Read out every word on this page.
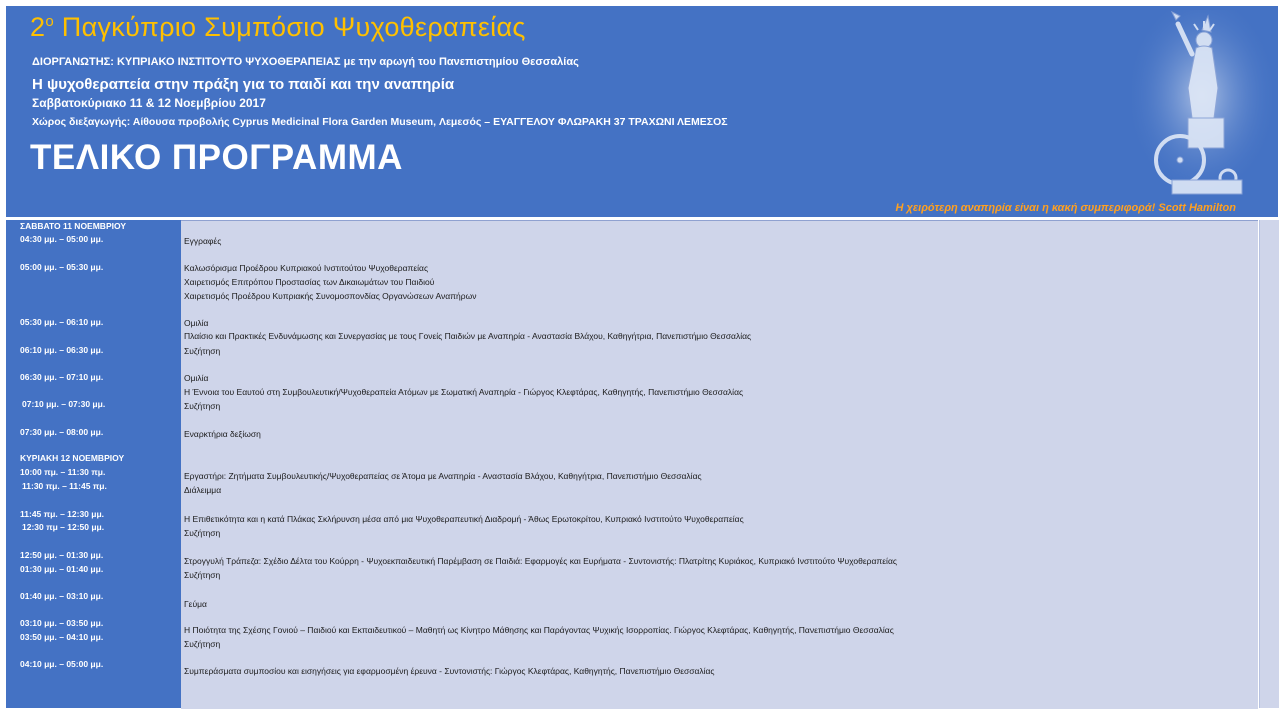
$2^o$ Παγκύπριο Συμπόσιο Ψυχοθεραπείας
ΔΙΟΡΓΑΝΩΤΗΣ: ΚΥΠΡΙΑΚΟ ΙΝΣΤΙΤΟΥΤΟ ΨΥΧΟΘΕΡΑΠΕΙΑΣ με την αρωγή του Πανεπιστημίου Θεσσαλίας
Η ψυχοθεραπεία στην πράξη για το παιδί και την αναπηρία
Σαββατοκύριακο 11 & 12 Νοεμβρίου 2017
Χώρος διεξαγωγής: Αίθουσα προβολής Cyprus Medicinal Flora Garden Museum, Λεμεσός – ΕΥΑΓΓΕΛΟΥ ΦΛΩΡΑΚΗ 37 ΤΡΑΧΩΝΙ ΛΕΜΕΣΟΣ
ΤΕΛΙΚΟ ΠΡΟΓΡΑΜΜΑ
Η χειρότερη αναπηρία είναι η κακή συμπεριφορά! Scott Hamilton
ΣΑΒΒΑΤΟ 11 ΝΟΕΜΒΡΙΟΥ
04:30 μμ. – 05:00 μμ.
05:00 μμ. – 05:30 μμ.
05:30 μμ. – 06:10 μμ.
06:10 μμ. – 06:30 μμ.
06:30 μμ. – 07:10 μμ.
07:10 μμ. – 07:30 μμ.
07:30 μμ. – 08:00 μμ.
ΚΥΡΙΑΚΗ 12 ΝΟΕΜΒΡΙΟΥ
10:00 πμ. – 11:30 πμ.
11:30 πμ. – 11:45 πμ.
11:45 πμ. – 12:30 μμ.
12:30 πμ – 12:50 μμ.
12:50 μμ. – 01:30 μμ.
01:30 μμ. – 01:40 μμ.
01:40 μμ. – 03:10 μμ.
03:10 μμ. – 03:50 μμ.
03:50 μμ. – 04:10 μμ.
04:10 μμ. – 05:00 μμ.
Εγγραφές
Καλωσόρισμα Προέδρου Κυπριακού Ινστιτούτου Ψυχοθεραπείας
Χαιρετισμός Επιτρόπου Προστασίας των Δικαιωμάτων του Παιδιού
Χαιρετισμός Προέδρου Κυπριακής Συνομοσπονδίας Οργανώσεων Αναπήρων
Ομιλία
Πλαίσιο και Πρακτικές Ενδυνάμωσης και Συνεργασίας με τους Γονείς Παιδιών με Αναπηρία - Αναστασία Βλάχου, Καθηγήτρια, Πανεπιστήμιο Θεσσαλίας
Συζήτηση
Ομιλία
Η Έννοια του Εαυτού στη Συμβουλευτική/Ψυχοθεραπεία Ατόμων με Σωματική Αναπηρία - Γιώργος Κλεφτάρας, Καθηγητής, Πανεπιστήμιο Θεσσαλίας
Συζήτηση
Εναρκτήρια δεξίωση
Εργαστήρι: Ζητήματα Συμβουλευτικής/Ψυχοθεραπείας σε Άτομα με Αναπηρία - Αναστασία Βλάχου, Καθηγήτρια, Πανεπιστήμιο Θεσσαλίας
Διάλειμμα
Η Επιθετικότητα και η κατά Πλάκας Σκλήρυνση μέσα από μια Ψυχοθεραπευτική Διαδρομή - Άθως Ερωτοκρίτου, Κυπριακό Ινστιτούτο Ψυχοθεραπείας
Συζήτηση
Στρογγυλή Τράπεζα: Σχέδιο Δέλτα του Κούρρη - Ψυχοεκπαιδευτική Παρέμβαση σε Παιδιά: Εφαρμογές και Ευρήματα - Συντονιστής: Πλατρίτης Κυριάκος, Κυπριακό Ινστιτούτο Ψυχοθεραπείας
Συζήτηση
Γεύμα
Η Ποιότητα της Σχέσης Γονιού – Παιδιού και Εκπαιδευτικού – Μαθητή ως Κίνητρο Μάθησης και Παράγοντας Ψυχικής Ισορροπίας. Γιώργος Κλεφτάρας, Καθηγητής, Πανεπιστήμιο Θεσσαλίας
Συζήτηση
Συμπεράσματα συμποσίου και εισηγήσεις για εφαρμοσμένη έρευνα - Συντονιστής: Γιώργος Κλεφτάρας, Καθηγητής, Πανεπιστήμιο Θεσσαλίας
